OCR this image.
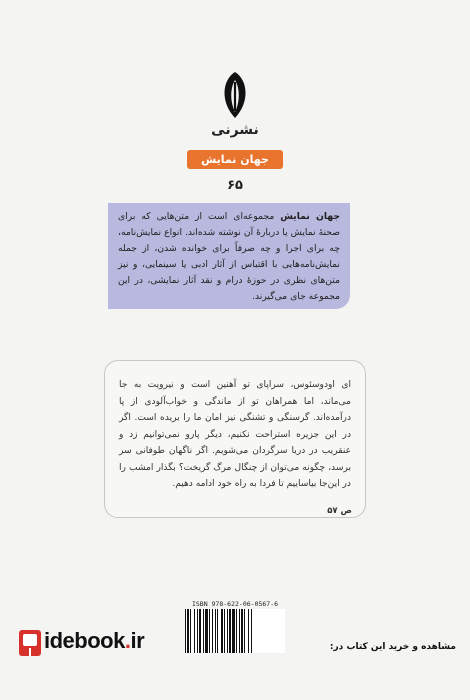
نشرنی
جهان نمایش
۶۵
جهان نمایش مجموعه‌ای است از متن‌هایی که برای صحنهٔ نمایش یا دربارهٔ آن نوشته شده‌اند. انواع نمایش‌نامه، چه برای اجرا و چه صرفاً برای خوانده شدن، از جمله نمایش‌نامه‌هایی با اقتباس از آثار ادبی یا سینمایی، و نیز متن‌های نظری در حوزهٔ درام و نقد آثار نمایشی، در این مجموعه جای می‌گیرند.
ای اودوسئوس، سراپای تو آهنین است و نیرویت به جا می‌ماند، اما همراهان تو از ماندگی و خواب‌آلودی از پا درآمده‌اند. گرسنگی و تشنگی نیز امان ما را بریده است. اگر در این جزیره استراحت نکنیم، دیگر پارو نمی‌توانیم زد و عنقریب در دریا سرگردان می‌شویم. اگر ناگهان طوفانی سر برسد، چگونه می‌توان از چنگال مرگ گریخت؟ بگذار امشب را در این‌جا بیاساییم تا فردا به راه خود ادامه دهیم.
ص ۵۷
ISBN 978-622-06-0567-6
idebook.ir	مشاهده و خرید این کتاب در:
